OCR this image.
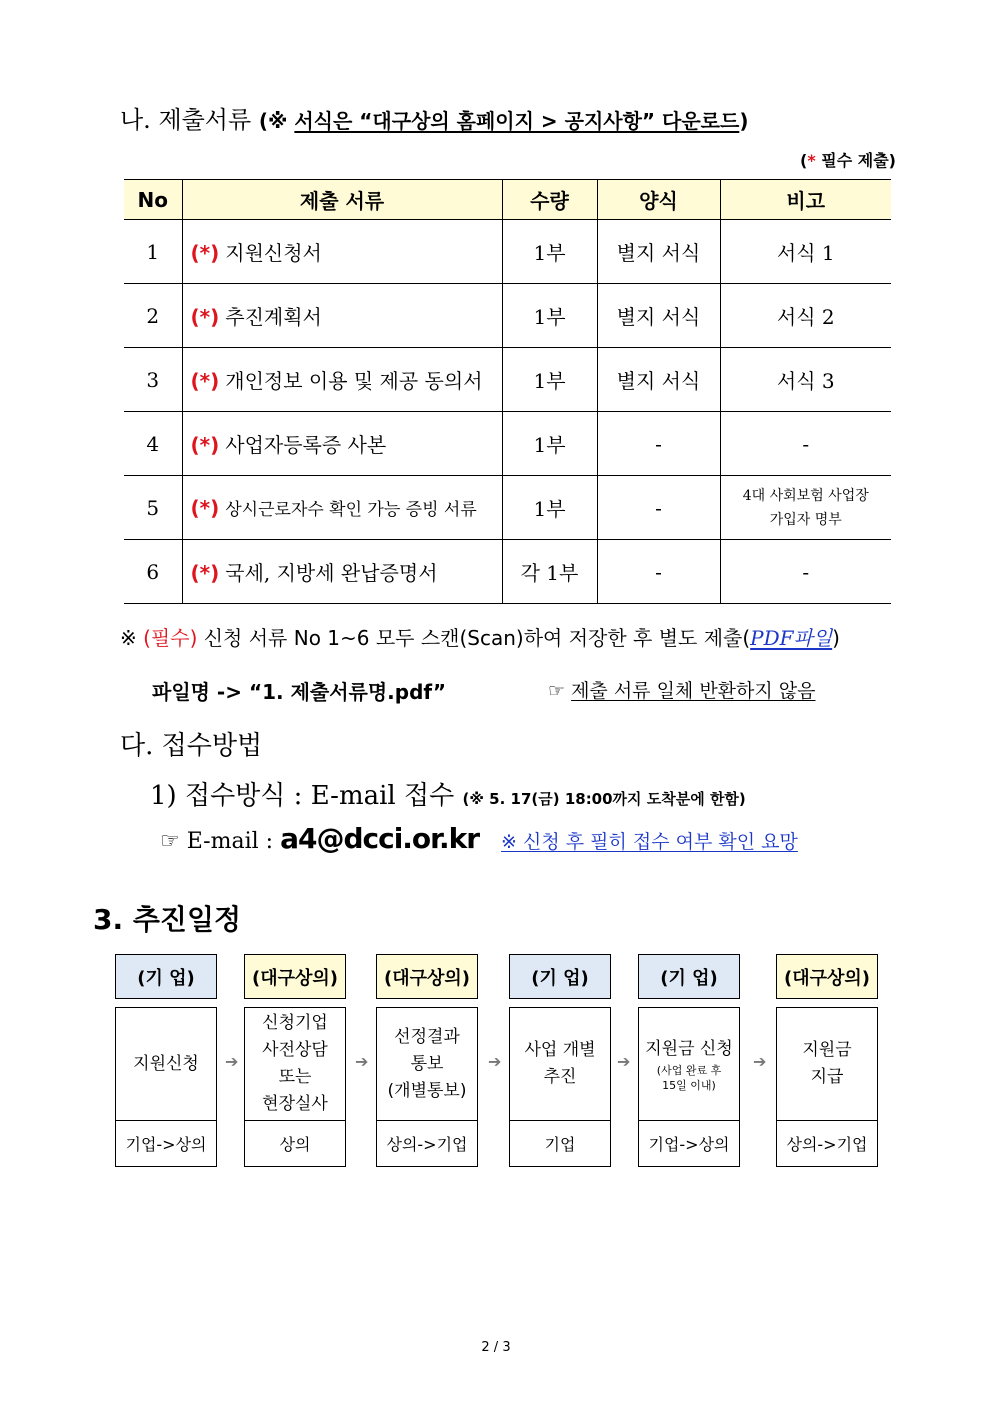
나. 제출서류 (※ 서식은 “대구상의 홈페이지 > 공지사항” 다운로드)
(* 필수 제출)
No	제출 서류	수량	양식	비고
1	(*) 지원신청서	1부	별지 서식	서식 1
2	(*) 추진계획서	1부	별지 서식	서식 2
3	(*) 개인정보 이용 및 제공 동의서	1부	별지 서식	서식 3
4	(*) 사업자등록증 사본	1부	-	-
5	(*) 상시근로자수 확인 가능 증빙 서류	1부	-	4대 사회보험 사업장
가입자 명부
6	(*) 국세, 지방세 완납증명서	각 1부	-	-
※ (필수) 신청 서류 No 1~6 모두 스캔(Scan)하여 저장한 후 별도 제출(PDF파일)
파일명 -> “1. 제출서류명.pdf”	☞ 제출 서류 일체 반환하지 않음
다. 접수방법
1) 접수방식 : E-mail 접수 (※ 5. 17(금) 18:00까지 도착분에 한함)
☞ E-mail : a4@dcci.or.kr ※ 신청 후 필히 접수 여부 확인 요망
3. 추진일정
(기 업)
지원신청
기업->상의
➔
(대구상의)
신청기업
사전상담
또는
현장실사
상의
➔
(대구상의)
선정결과
통보
(개별통보)
상의->기업
➔
(기 업)
사업 개별
추진
기업
➔
(기 업)
지원금 신청
(사업 완료 후
15일 이내)
기업->상의
➔
(대구상의)
지원금
지급
상의->기업
2 / 3
